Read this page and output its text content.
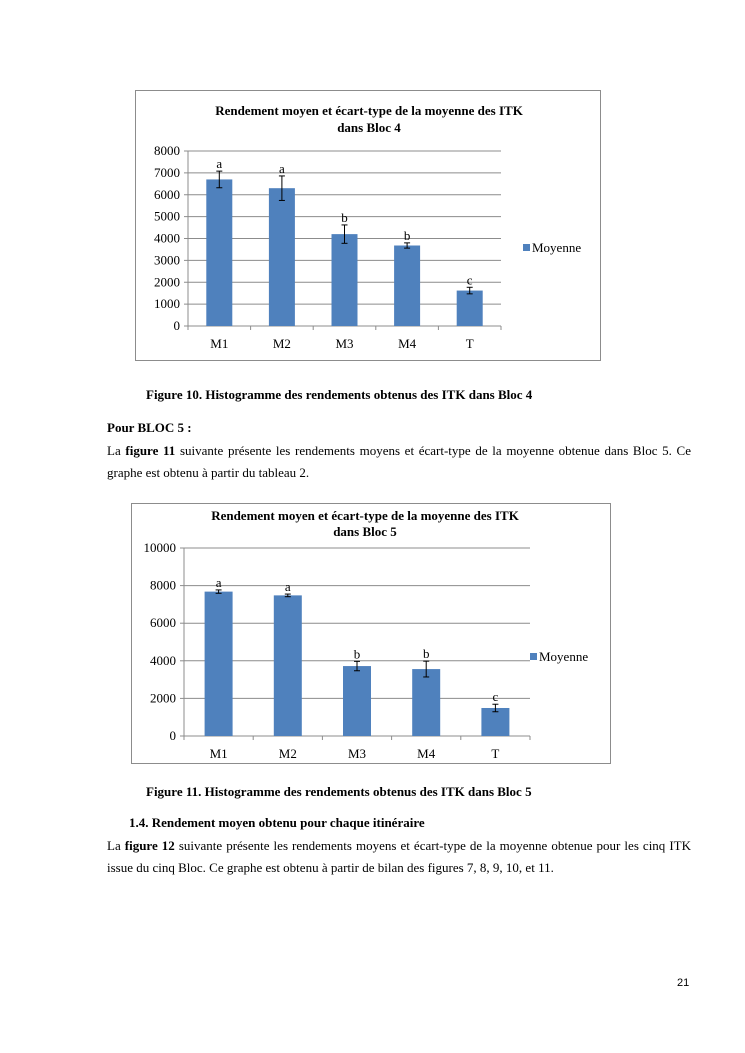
Rendement moyen et écart-type de la moyenne des ITK
dans Bloc 4
Moyenne
0
1000
2000
3000
4000
5000
6000
7000
8000
a
M1
a
M2
b
M3
b
M4
c
T

Figure 10. Histogramme des rendements obtenus des ITK dans Bloc 4

Pour BLOC 5 :

La figure 11 suivante présente les rendements moyens et écart-type de la moyenne obtenue dans Bloc 5. Ce graphe est obtenu à partir du tableau 2.

Rendement moyen et écart-type de la moyenne des ITK
dans Bloc 5
Moyenne
0
2000
4000
6000
8000
10000
a
M1
a
M2
b
M3
b
M4
c
T

Figure 11. Histogramme des rendements obtenus des ITK dans Bloc 5

1.4. Rendement moyen obtenu pour chaque itinéraire

La figure 12 suivante présente les rendements moyens et écart-type de la moyenne obtenue pour les cinq ITK issue du cinq Bloc. Ce graphe est obtenu à partir de bilan des figures 7, 8, 9, 10, et 11.

21
